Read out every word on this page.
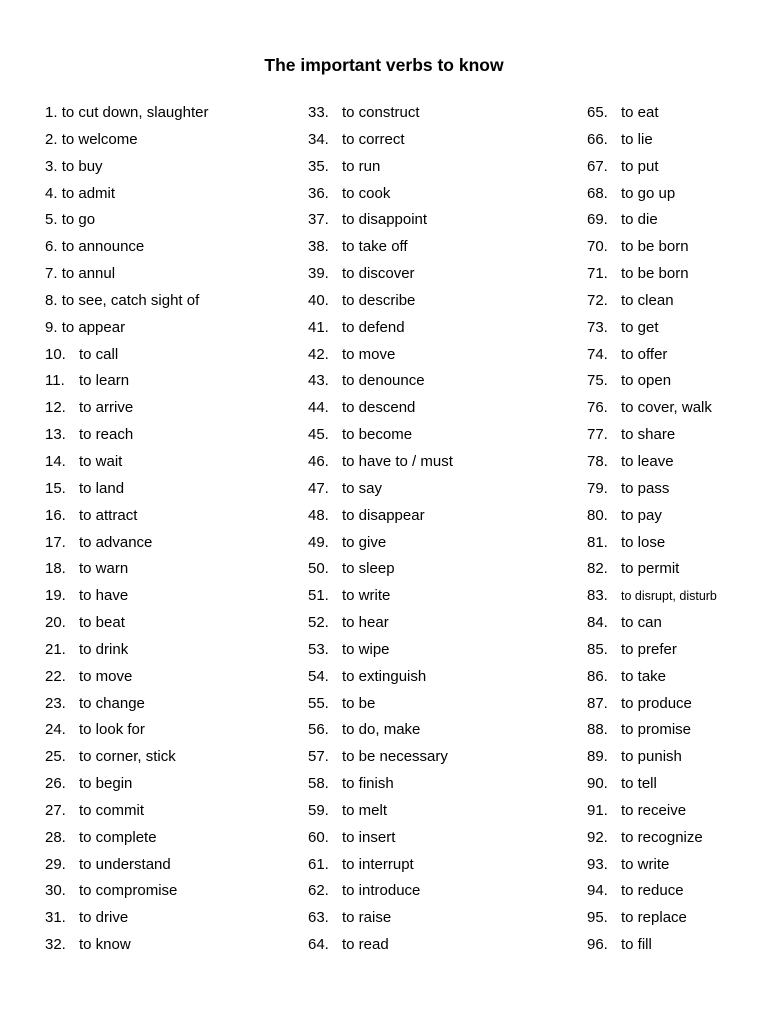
The important verbs to know
1. to cut down, slaughter
2. to welcome
3. to buy
4. to admit
5. to go
6. to announce
7. to annul
8. to see, catch sight of
9. to appear
10. to call
11. to learn
12. to arrive
13. to reach
14. to wait
15. to land
16. to attract
17. to advance
18. to warn
19. to have
20. to beat
21. to drink
22. to move
23. to change
24. to look for
25. to corner, stick
26. to begin
27. to commit
28. to complete
29. to understand
30. to compromise
31. to drive
32. to know
33. to construct
34. to correct
35. to run
36. to cook
37. to disappoint
38. to take off
39. to discover
40. to describe
41. to defend
42. to move
43. to denounce
44. to descend
45. to become
46. to have to / must
47. to say
48. to disappear
49. to give
50. to sleep
51. to write
52. to hear
53. to wipe
54. to extinguish
55. to be
56. to do, make
57. to be necessary
58. to finish
59. to melt
60. to insert
61. to interrupt
62. to introduce
63. to raise
64. to read
65. to eat
66. to lie
67. to put
68. to go up
69. to die
70. to be born
71. to be born
72. to clean
73. to get
74. to offer
75. to open
76. to cover, walk
77. to share
78. to leave
79. to pass
80. to pay
81. to lose
82. to permit
83. to disrupt, disturb
84. to can
85. to prefer
86. to take
87. to produce
88. to promise
89. to punish
90. to tell
91. to receive
92. to recognize
93. to write
94. to reduce
95. to replace
96. to fill
